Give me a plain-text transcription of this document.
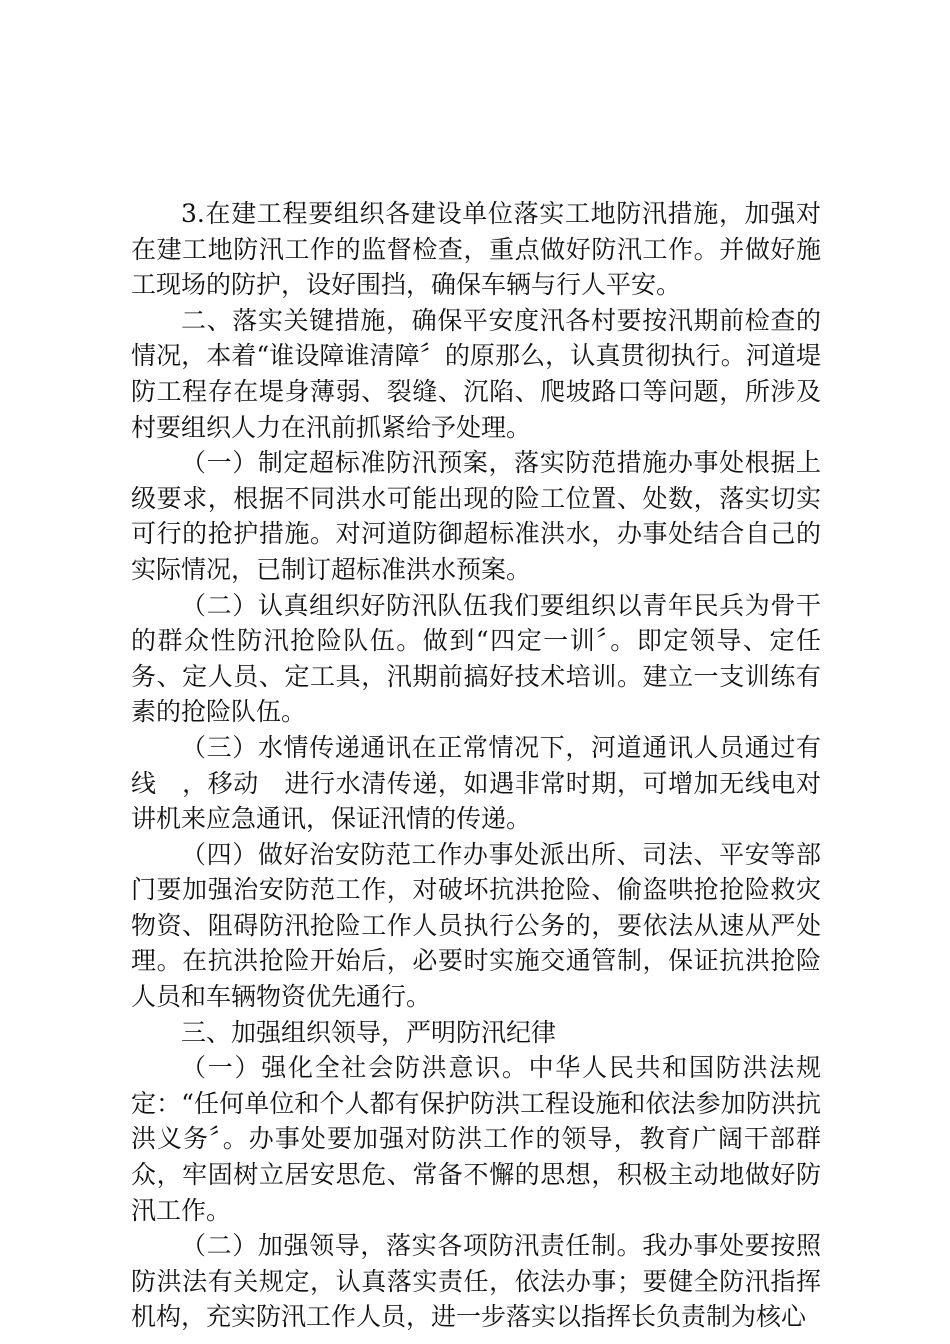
3.在建工程要组织各建设单位落实工地防汛措施，加强对在建工地防汛工作的监督检查，重点做好防汛工作。并做好施工现场的防护，设好围挡，确保车辆与行人平安。

二、落实关键措施，确保平安度汛各村要按汛期前检查的情况，本着“谁设障谁清障〞的原那么，认真贯彻执行。河道堤防工程存在堤身薄弱、裂缝、沉陷、爬坡路口等问题，所涉及村要组织人力在汛前抓紧给予处理。

（一）制定超标准防汛预案，落实防范措施办事处根据上级要求，根据不同洪水可能出现的险工位置、处数，落实切实可行的抢护措施。对河道防御超标准洪水，办事处结合自己的实际情况，已制订超标准洪水预案。

（二）认真组织好防汛队伍我们要组织以青年民兵为骨干的群众性防汛抢险队伍。做到“四定一训〞。即定领导、定任务、定人员、定工具，汛期前搞好技术培训。建立一支训练有素的抢险队伍。

（三）水情传递通讯在正常情况下，河道通讯人员通过有线　，移动　进行水清传递，如遇非常时期，可增加无线电对讲机来应急通讯，保证汛情的传递。

（四）做好治安防范工作办事处派出所、司法、平安等部门要加强治安防范工作，对破坏抗洪抢险、偷盗哄抢抢险救灾物资、阻碍防汛抢险工作人员执行公务的，要依法从速从严处理。在抗洪抢险开始后，必要时实施交通管制，保证抗洪抢险人员和车辆物资优先通行。

三、加强组织领导，严明防汛纪律

（一）强化全社会防洪意识。中华人民共和国防洪法规定：“任何单位和个人都有保护防洪工程设施和依法参加防洪抗洪义务〞。办事处要加强对防洪工作的领导，教育广阔干部群众，牢固树立居安思危、常备不懈的思想，积极主动地做好防汛工作。

（二）加强领导，落实各项防汛责任制。我办事处要按照防洪法有关规定，认真落实责任，依法办事；要健全防汛指挥机构，充实防汛工作人员，进一步落实以指挥长负责制为核心
